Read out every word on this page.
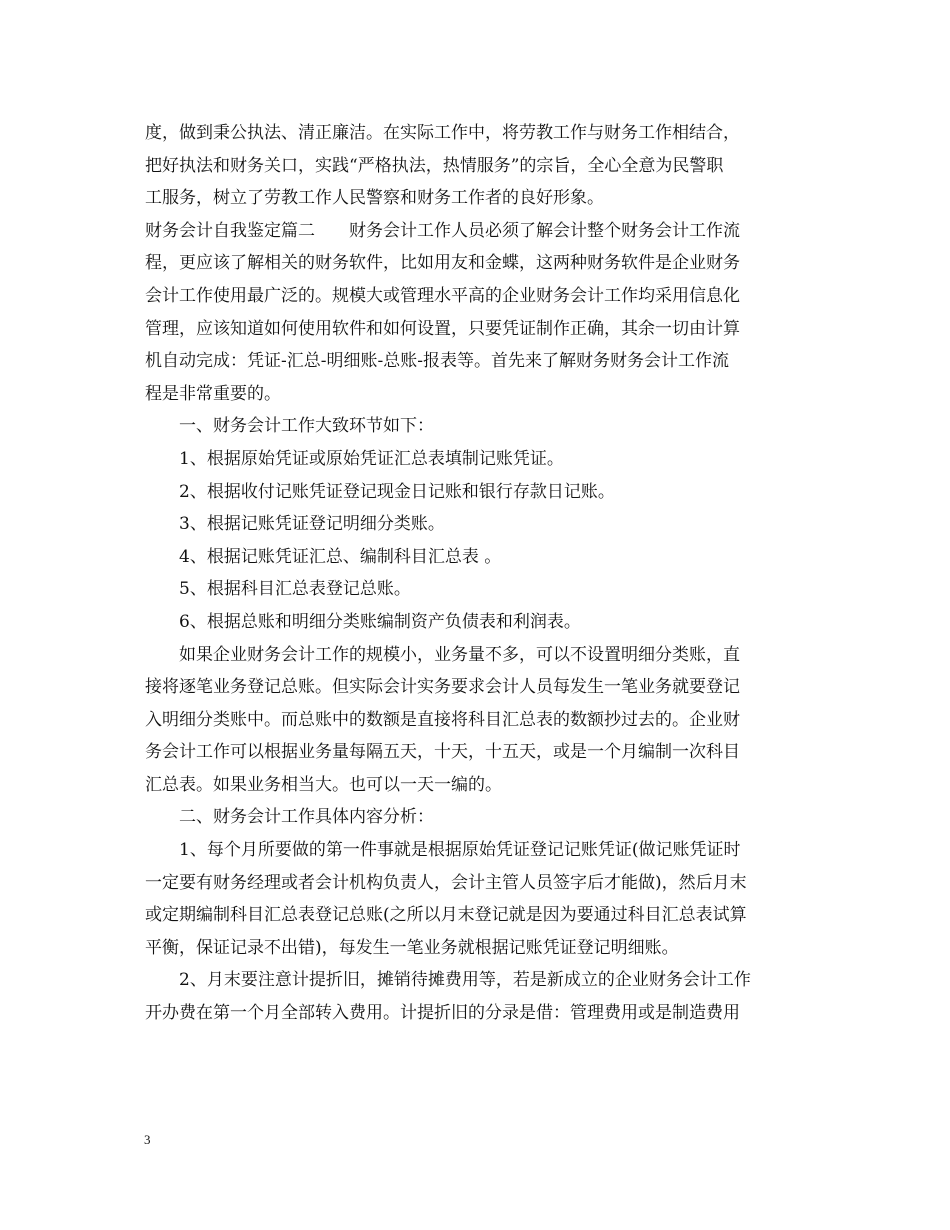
度，做到秉公执法、清正廉洁。在实际工作中，将劳教工作与财务工作相结合，
把好执法和财务关口，实践“严格执法，热情服务”的宗旨，全心全意为民警职
工服务，树立了劳教工作人民警察和财务工作者的良好形象。
财务会计自我鉴定篇二　　财务会计工作人员必须了解会计整个财务会计工作流
程，更应该了解相关的财务软件，比如用友和金蝶，这两种财务软件是企业财务
会计工作使用最广泛的。规模大或管理水平高的企业财务会计工作均采用信息化
管理，应该知道如何使用软件和如何设置，只要凭证制作正确，其余一切由计算
机自动完成：凭证-汇总-明细账-总账-报表等。首先来了解财务财务会计工作流
程是非常重要的。
一、财务会计工作大致环节如下：
1、根据原始凭证或原始凭证汇总表填制记账凭证。
2、根据收付记账凭证登记现金日记账和银行存款日记账。
3、根据记账凭证登记明细分类账。
4、根据记账凭证汇总、编制科目汇总表 。
5、根据科目汇总表登记总账。
6、根据总账和明细分类账编制资产负债表和利润表。
如果企业财务会计工作的规模小，业务量不多，可以不设置明细分类账，直
接将逐笔业务登记总账。但实际会计实务要求会计人员每发生一笔业务就要登记
入明细分类账中。而总账中的数额是直接将科目汇总表的数额抄过去的。企业财
务会计工作可以根据业务量每隔五天，十天，十五天，或是一个月编制一次科目
汇总表。如果业务相当大。也可以一天一编的。
二、财务会计工作具体内容分析：
1、每个月所要做的第一件事就是根据原始凭证登记记账凭证(做记账凭证时
一定要有财务经理或者会计机构负责人，会计主管人员签字后才能做)，然后月末
或定期编制科目汇总表登记总账(之所以月末登记就是因为要通过科目汇总表试算
平衡，保证记录不出错)，每发生一笔业务就根据记账凭证登记明细账。
2、月末要注意计提折旧，摊销待摊费用等，若是新成立的企业财务会计工作
开办费在第一个月全部转入费用。计提折旧的分录是借：管理费用或是制造费用
3
